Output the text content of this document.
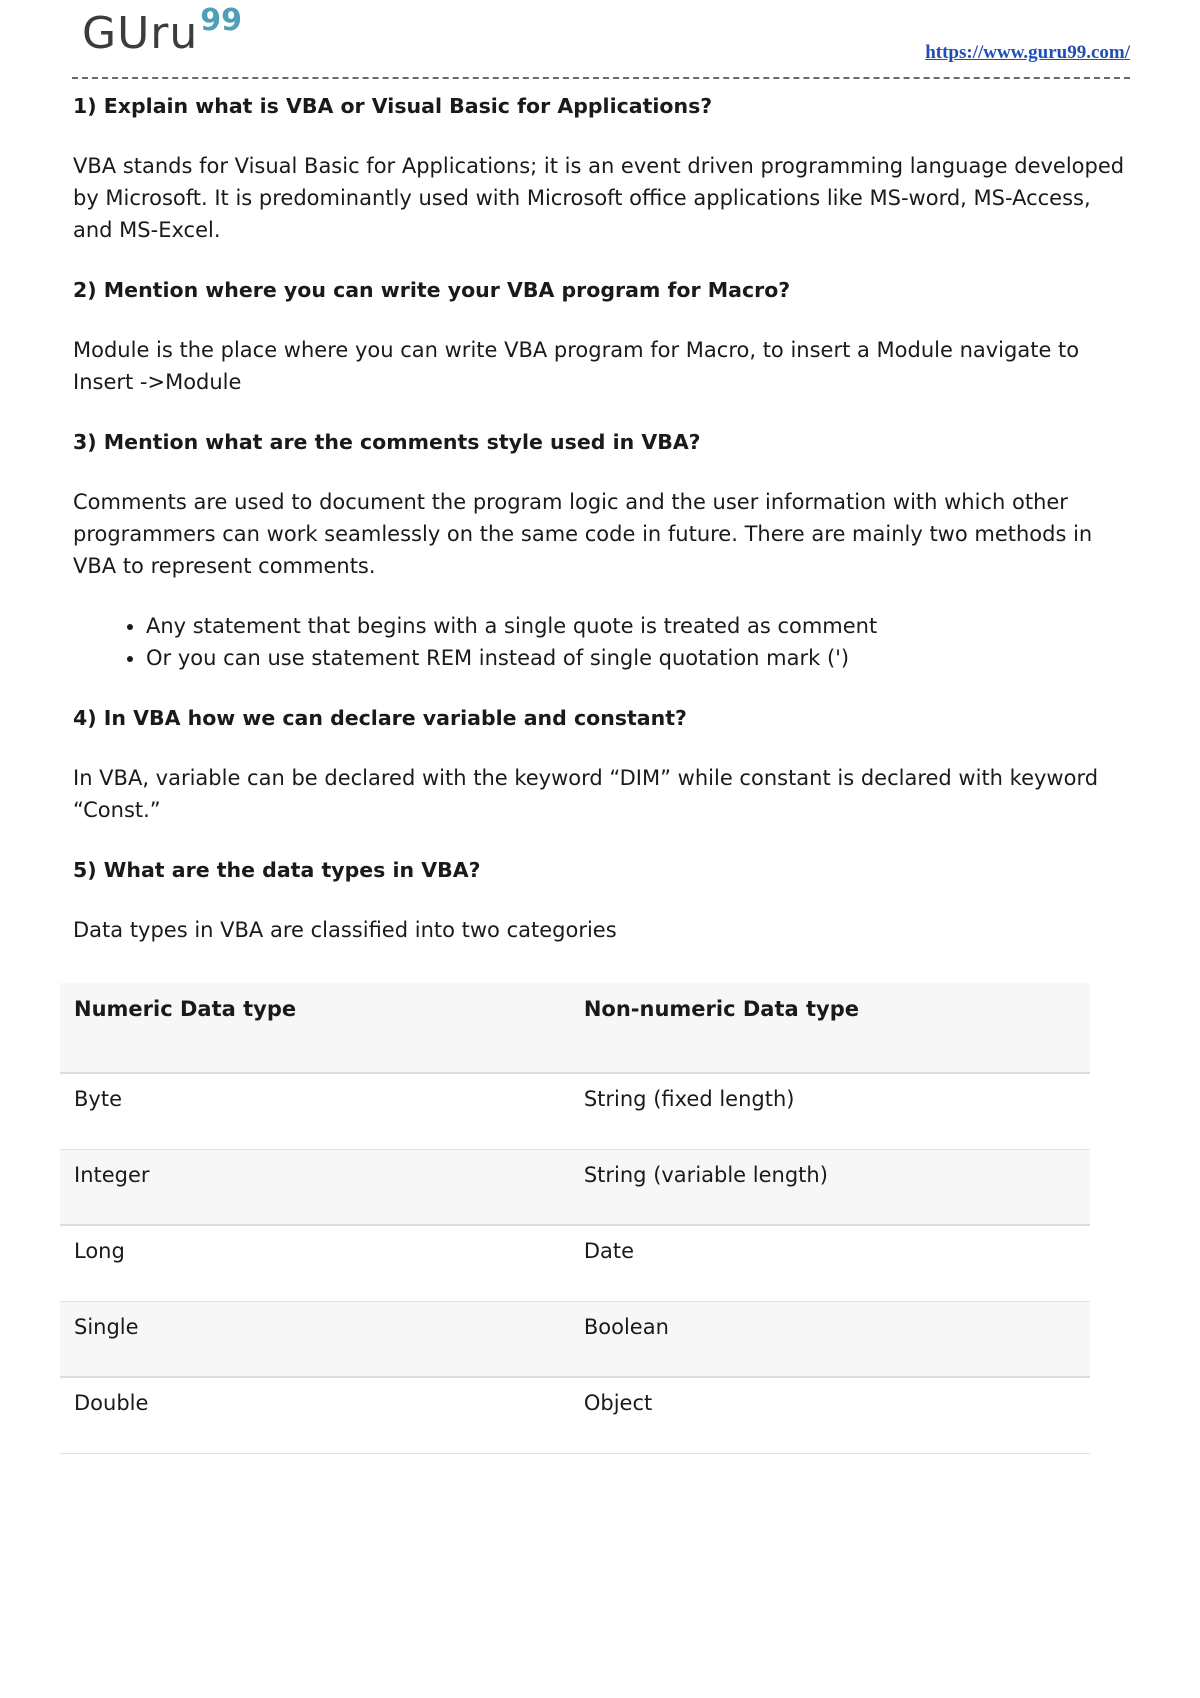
GUru99
https://www.guru99.com/
1) Explain what is VBA or Visual Basic for Applications?
VBA stands for Visual Basic for Applications; it is an event driven programming language developed by Microsoft. It is predominantly used with Microsoft office applications like MS-word, MS-Access, and MS-Excel.
2) Mention where you can write your VBA program for Macro?
Module is the place where you can write VBA program for Macro, to insert a Module navigate to Insert ->Module
3) Mention what are the comments style used in VBA?
Comments are used to document the program logic and the user information with which other programmers can work seamlessly on the same code in future. There are mainly two methods in VBA to represent comments.
• Any statement that begins with a single quote is treated as comment
• Or you can use statement REM instead of single quotation mark (')
4) In VBA how we can declare variable and constant?
In VBA, variable can be declared with the keyword “DIM” while constant is declared with keyword “Const.”
5) What are the data types in VBA?
Data types in VBA are classified into two categories
Numeric Data type	Non-numeric Data type
Byte	String (fixed length)
Integer	String (variable length)
Long	Date
Single	Boolean
Double	Object
